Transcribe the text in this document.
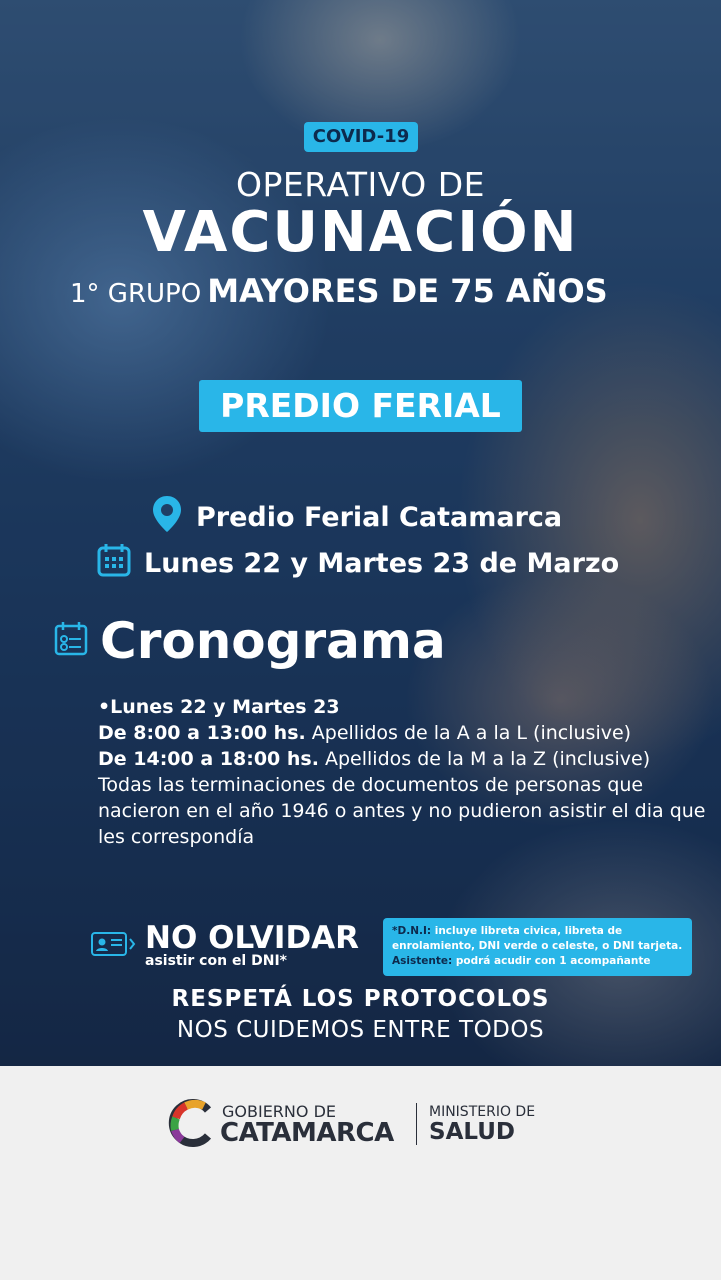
COVID-19
OPERATIVO DE
VACUNACIÓN
1° GRUPO MAYORES DE 75 AÑOS
PREDIO FERIAL
Predio Ferial Catamarca
Lunes 22 y Martes 23 de Marzo
Cronograma
•Lunes 22 y Martes 23
De 8:00 a 13:00 hs. Apellidos de la A a la L (inclusive)
De 14:00 a 18:00 hs. Apellidos de la M a la Z (inclusive)
Todas las terminaciones de documentos de personas que nacieron en el año 1946 o antes y no pudieron asistir el dia que les correspondía
NO OLVIDAR
asistir con el DNI*
*D.N.I: incluye libreta civica, libreta de enrolamiento, DNI verde o celeste, o DNI tarjeta.
Asistente: podrá acudir con 1 acompañante
RESPETÁ LOS PROTOCOLOS
NOS CUIDEMOS ENTRE TODOS
GOBIERNO DE
CATAMARCA
MINISTERIO DE
SALUD
